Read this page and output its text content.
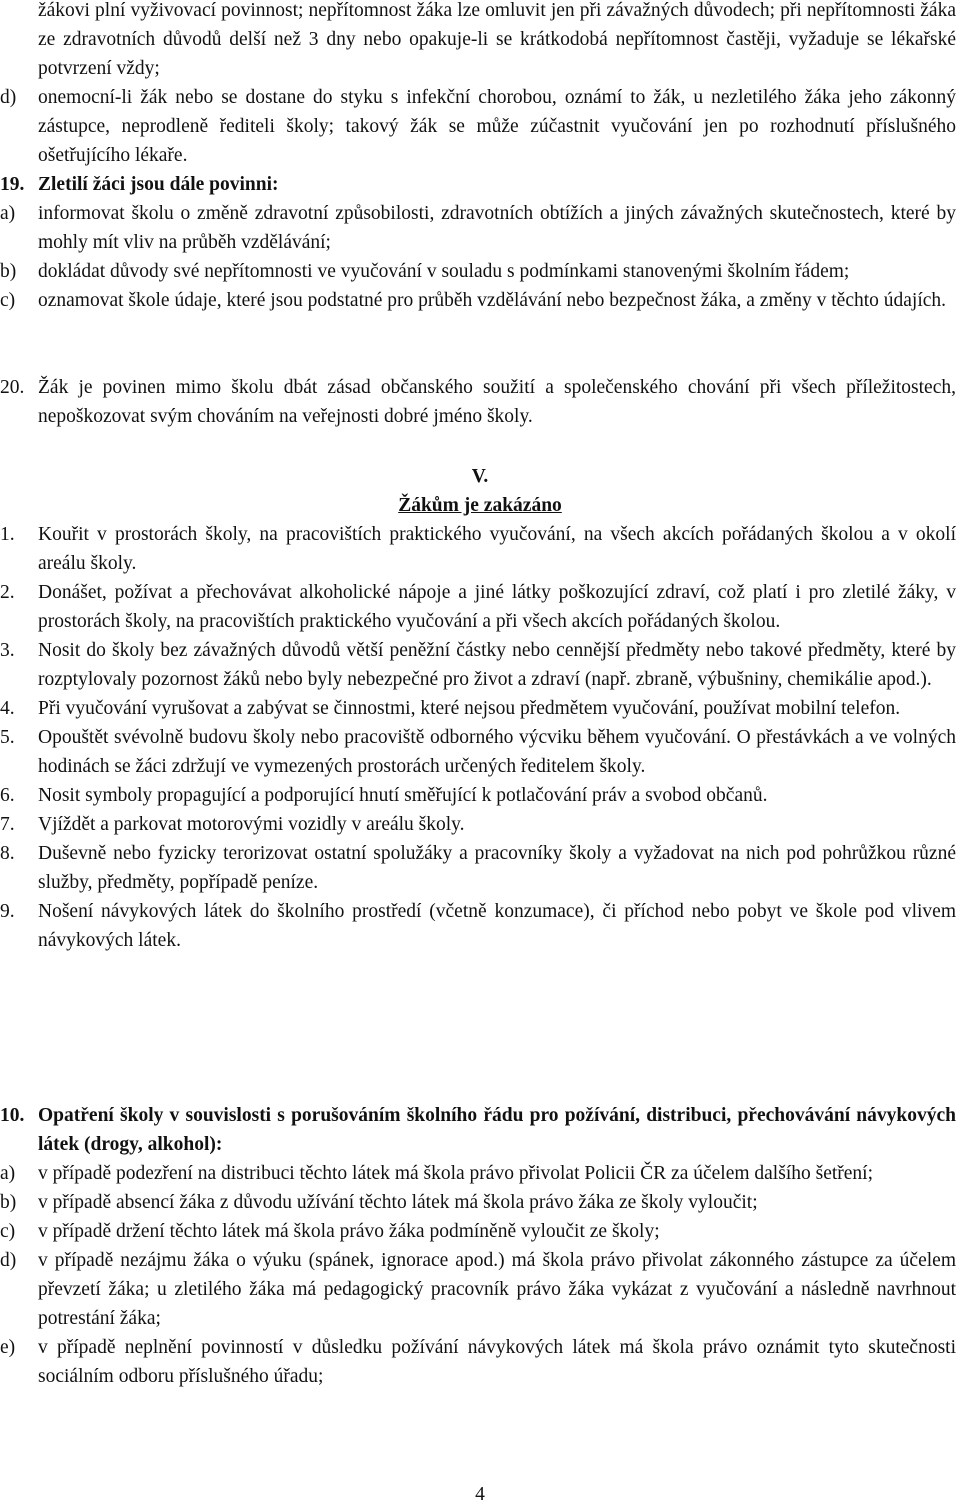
žákovi plní vyživovací povinnost; nepřítomnost žáka lze omluvit jen při závažných důvodech; při nepřítomnosti žáka ze zdravotních důvodů delší než 3 dny nebo opakuje-li se krátkodobá nepřítomnost častěji, vyžaduje se lékařské potvrzení vždy;
d) onemocní-li žák nebo se dostane do styku s infekční chorobou, oznámí to žák, u nezletilého žáka jeho zákonný zástupce, neprodleně řediteli školy; takový žák se může zúčastnit vyučování jen po rozhodnutí příslušného ošetřujícího lékaře.
19. Zletilí žáci jsou dále povinni:
a) informovat školu o změně zdravotní způsobilosti, zdravotních obtížích a jiných závažných skutečnostech, které by mohly mít vliv na průběh vzdělávání;
b) dokládat důvody své nepřítomnosti ve vyučování v souladu s podmínkami stanovenými školním řádem;
c) oznamovat škole údaje, které jsou podstatné pro průběh vzdělávání nebo bezpečnost žáka, a změny v těchto údajích.
20. Žák je povinen mimo školu dbát zásad občanského soužití a společenského chování při všech příležitostech, nepoškozovat svým chováním na veřejnosti dobré jméno školy.
V.
Žákům je zakázáno
1. Kouřit v prostorách školy, na pracovištích praktického vyučování, na všech akcích pořádaných školou a v okolí areálu školy.
2. Donášet, požívat a přechovávat alkoholické nápoje a jiné látky poškozující zdraví, což platí i pro zletilé žáky, v prostorách školy, na pracovištích praktického vyučování a při všech akcích pořádaných školou.
3. Nosit do školy bez závažných důvodů větší peněžní částky nebo cennější předměty nebo takové předměty, které by rozptylovaly pozornost žáků nebo byly nebezpečné pro život a zdraví (např. zbraně, výbušniny, chemikálie apod.).
4. Při vyučování vyrušovat a zabývat se činnostmi, které nejsou předmětem vyučování, používat mobilní telefon.
5. Opouštět svévolně budovu školy nebo pracoviště odborného výcviku během vyučování. O přestávkách a ve volných hodinách se žáci zdržují ve vymezených prostorách určených ředitelem školy.
6. Nosit symboly propagující a podporující hnutí směřující k potlačování práv a svobod občanů.
7. Vjíždět a parkovat motorovými vozidly v areálu školy.
8. Duševně nebo fyzicky terorizovat ostatní spolužáky a pracovníky školy a vyžadovat na nich pod pohrůžkou různé služby, předměty, popřípadě peníze.
9. Nošení návykových látek do školního prostředí (včetně konzumace), či příchod nebo pobyt ve škole pod vlivem návykových látek.
10. Opatření školy v souvislosti s porušováním školního řádu pro požívání, distribuci, přechovávání návykových látek (drogy, alkohol):
a) v případě podezření na distribuci těchto látek má škola právo přivolat Policii ČR za účelem dalšího šetření;
b) v případě absencí žáka z důvodu užívání těchto látek má škola právo žáka ze školy vyloučit;
c) v případě držení těchto látek má škola právo žáka podmíněně vyloučit ze školy;
d) v případě nezájmu žáka o výuku (spánek, ignorace apod.) má škola právo přivolat zákonného zástupce za účelem převzetí žáka; u zletilého žáka má pedagogický pracovník právo žáka vykázat z vyučování a následně navrhnout potrestání žáka;
e) v případě neplnění povinností v důsledku požívání návykových látek má škola právo oznámit tyto skutečnosti sociálním odboru příslušného úřadu;
4
